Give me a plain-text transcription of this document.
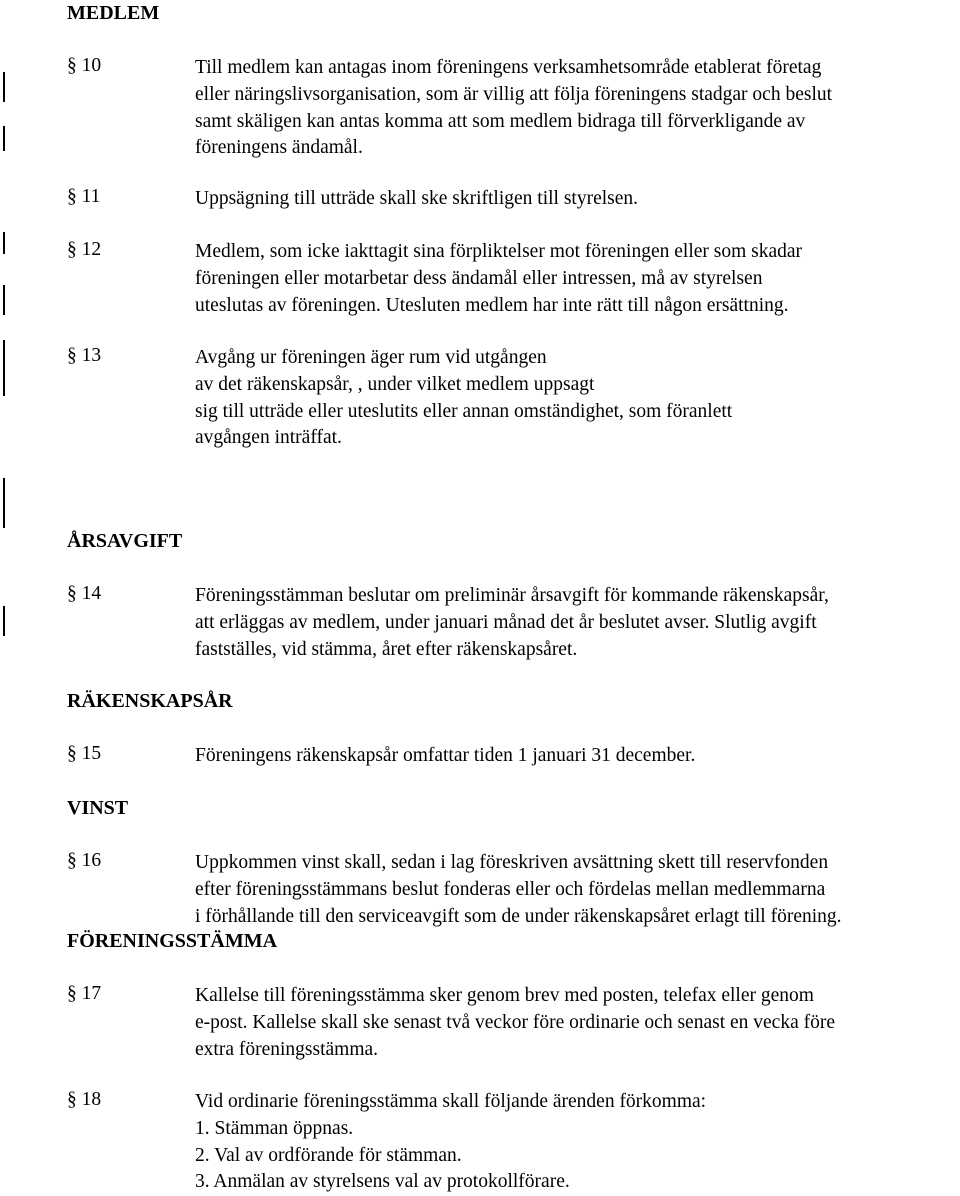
MEDLEM
§ 10	Till medlem kan antagas inom föreningens verksamhetsområde etablerat företag
eller näringslivsorganisation, som är villig att följa föreningens stadgar och beslut
samt skäligen kan antas komma att som medlem bidraga till förverkligande av
föreningens ändamål.
§ 11	Uppsägning till utträde skall ske skriftligen till styrelsen.
§ 12	Medlem, som icke iakttagit sina förpliktelser mot föreningen eller som skadar
föreningen eller motarbetar dess ändamål eller intressen, må av styrelsen
uteslutas av föreningen. Utesluten medlem har inte rätt till någon ersättning.
§ 13	Avgång ur föreningen äger rum vid utgången
av det räkenskapsår, , under vilket medlem uppsagt
sig till utträde eller uteslutits eller annan omständighet, som föranlett
avgången inträffat.
ÅRSAVGIFT
§ 14	Föreningsstämman beslutar om preliminär årsavgift för kommande räkenskapsår,
att erläggas av medlem, under januari månad det år beslutet avser. Slutlig avgift
fastställes, vid stämma, året efter räkenskapsåret.
RÄKENSKAPSÅR
§ 15	Föreningens räkenskapsår omfattar tiden 1 januari 31 december.
VINST
§ 16	Uppkommen vinst skall, sedan i lag föreskriven avsättning skett till reservfonden
efter föreningsstämmans beslut fonderas eller och fördelas mellan medlemmarna
i förhållande till den serviceavgift som de under räkenskapsåret erlagt till förening.
FÖRENINGSSTÄMMA
§ 17	Kallelse till föreningsstämma sker genom brev med posten, telefax eller genom
e-post. Kallelse skall ske senast två veckor före ordinarie och senast en vecka före
extra föreningsstämma.
§ 18	Vid ordinarie föreningsstämma skall följande ärenden förkomma:
1. Stämman öppnas.
2. Val av ordförande för stämman.
3. Anmälan av styrelsens val av protokollförare.
